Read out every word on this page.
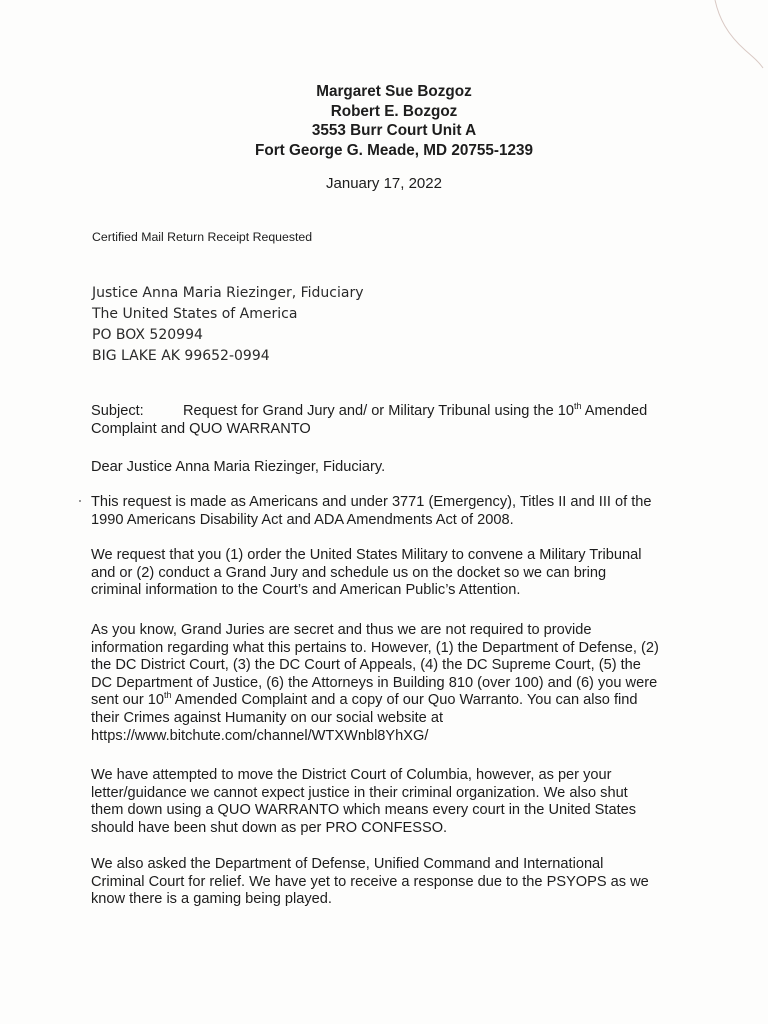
Margaret Sue Bozgoz
Robert E. Bozgoz
3553 Burr Court Unit A
Fort George G. Meade, MD 20755-1239
January 17, 2022
Certified Mail Return Receipt Requested
Justice Anna Maria Riezinger, Fiduciary
The United States of America
PO BOX 520994
BIG LAKE AK 99652-0994
Subject:	Request for Grand Jury and/ or Military Tribunal using the 10th Amended
Complaint and QUO WARRANTO

Dear Justice Anna Maria Riezinger, Fiduciary.

This request is made as Americans and under 3771 (Emergency), Titles II and III of the
1990 Americans Disability Act and ADA Amendments Act of 2008.

We request that you (1) order the United States Military to convene a Military Tribunal
and or (2) conduct a Grand Jury and schedule us on the docket so we can bring
criminal information to the Court’s and American Public’s Attention.

As you know, Grand Juries are secret and thus we are not required to provide
information regarding what this pertains to. However, (1) the Department of Defense, (2)
the DC District Court, (3) the DC Court of Appeals, (4) the DC Supreme Court, (5) the
DC Department of Justice, (6) the Attorneys in Building 810 (over 100) and (6) you were
sent our 10th Amended Complaint and a copy of our Quo Warranto. You can also find
their Crimes against Humanity on our social website at
https://www.bitchute.com/channel/WTXWnbl8YhXG/

We have attempted to move the District Court of Columbia, however, as per your
letter/guidance we cannot expect justice in their criminal organization. We also shut
them down using a QUO WARRANTO which means every court in the United States
should have been shut down as per PRO CONFESSO.

We also asked the Department of Defense, Unified Command and International
Criminal Court for relief. We have yet to receive a response due to the PSYOPS as we
know there is a gaming being played.
